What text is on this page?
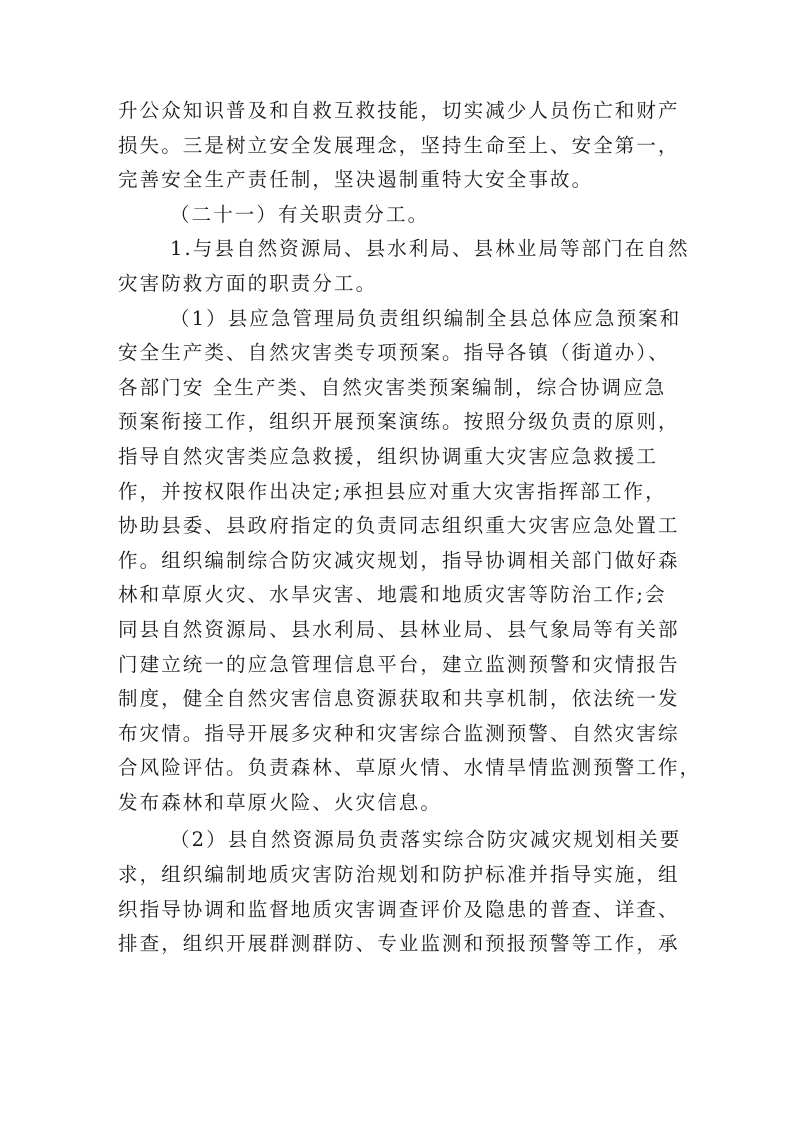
升公众知识普及和自救互救技能，切实减少人员伤亡和财产
损失。三是树立安全发展理念，坚持生命至上、安全第一，
完善安全生产责任制，坚决遏制重特大安全事故。
（二十一）有关职责分工。
1.与县自然资源局、县水利局、县林业局等部门在自然
灾害防救方面的职责分工。
（1）县应急管理局负责组织编制全县总体应急预案和
安全生产类、自然灾害类专项预案。指导各镇（街道办）、
各部门安 全生产类、自然灾害类预案编制，综合协调应急
预案衔接工作，组织开展预案演练。按照分级负责的原则，
指导自然灾害类应急救援，组织协调重大灾害应急救援工
作，并按权限作出决定;承担县应对重大灾害指挥部工作，
协助县委、县政府指定的负责同志组织重大灾害应急处置工
作。组织编制综合防灾减灾规划，指导协调相关部门做好森
林和草原火灾、水旱灾害、地震和地质灾害等防治工作;会
同县自然资源局、县水利局、县林业局、县气象局等有关部
门建立统一的应急管理信息平台，建立监测预警和灾情报告
制度，健全自然灾害信息资源获取和共享机制，依法统一发
布灾情。指导开展多灾种和灾害综合监测预警、自然灾害综
合风险评估。负责森林、草原火情、水情旱情监测预警工作，
发布森林和草原火险、火灾信息。
（2）县自然资源局负责落实综合防灾减灾规划相关要
求，组织编制地质灾害防治规划和防护标准并指导实施，组
织指导协调和监督地质灾害调查评价及隐患的普查、详查、
排查，组织开展群测群防、专业监测和预报预警等工作，承
